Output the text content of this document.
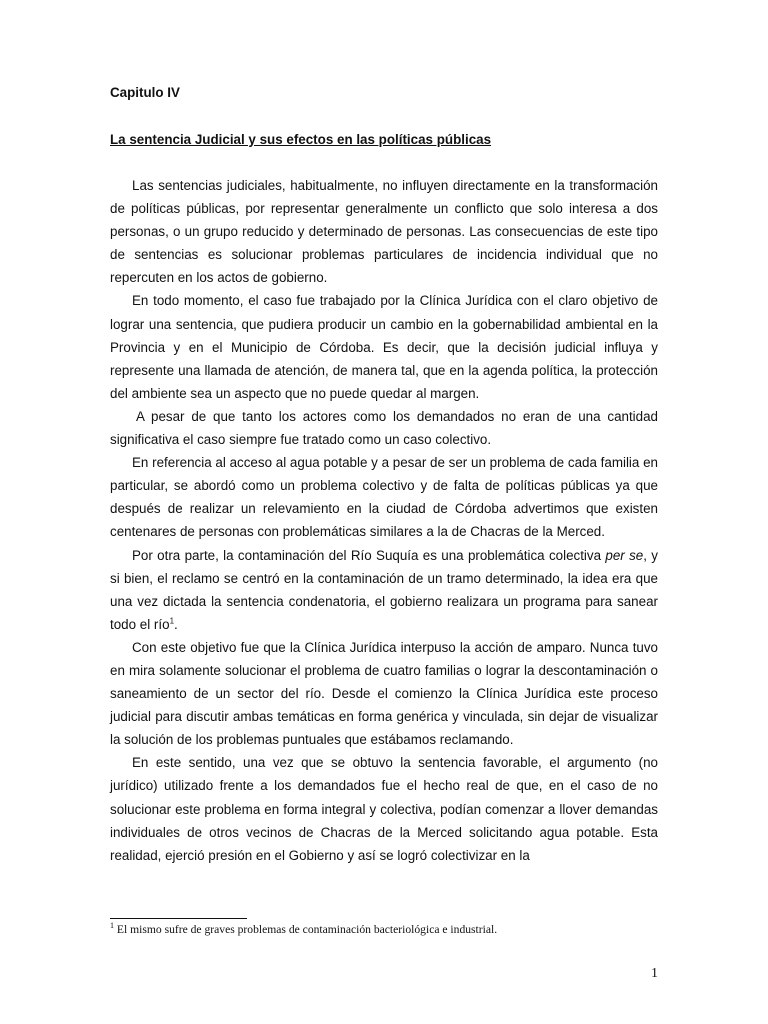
Capitulo IV
La sentencia Judicial y sus efectos en las políticas públicas

Las sentencias judiciales, habitualmente, no influyen directamente en la transformación de políticas públicas, por representar generalmente un conflicto que solo interesa a dos personas, o un grupo reducido y determinado de personas. Las consecuencias de este tipo de sentencias es solucionar problemas particulares de incidencia individual que no repercuten en los actos de gobierno.

En todo momento, el caso fue trabajado por la Clínica Jurídica con el claro objetivo de lograr una sentencia, que pudiera producir un cambio en la gobernabilidad ambiental en la Provincia y en el Municipio de Córdoba. Es decir, que la decisión judicial influya y represente una llamada de atención, de manera tal, que en la agenda política, la protección del ambiente sea un aspecto que no puede quedar al margen.

A pesar de que tanto los actores como los demandados no eran de una cantidad significativa el caso siempre fue tratado como un caso colectivo.

En referencia al acceso al agua potable y a pesar de ser un problema de cada familia en particular, se abordó como un problema colectivo y de falta de políticas públicas ya que después de realizar un relevamiento en la ciudad de Córdoba advertimos que existen centenares de personas con problemáticas similares a la de Chacras de la Merced.

Por otra parte, la contaminación del Río Suquía es una problemática colectiva per se, y si bien, el reclamo se centró en la contaminación de un tramo determinado, la idea era que una vez dictada la sentencia condenatoria, el gobierno realizara un programa para sanear todo el río$^1$.

Con este objetivo fue que la Clínica Jurídica interpuso la acción de amparo. Nunca tuvo en mira solamente solucionar el problema de cuatro familias o lograr la descontaminación o saneamiento de un sector del río. Desde el comienzo la Clínica Jurídica este proceso judicial para discutir ambas temáticas en forma genérica y vinculada, sin dejar de visualizar la solución de los problemas puntuales que estábamos reclamando.

En este sentido, una vez que se obtuvo la sentencia favorable, el argumento (no jurídico) utilizado frente a los demandados fue el hecho real de que, en el caso de no solucionar este problema en forma integral y colectiva, podían comenzar a llover demandas individuales de otros vecinos de Chacras de la Merced solicitando agua potable. Esta realidad, ejerció presión en el Gobierno y así se logró colectivizar en la

$^1$ El mismo sufre de graves problemas de contaminación bacteriológica e industrial.
1
